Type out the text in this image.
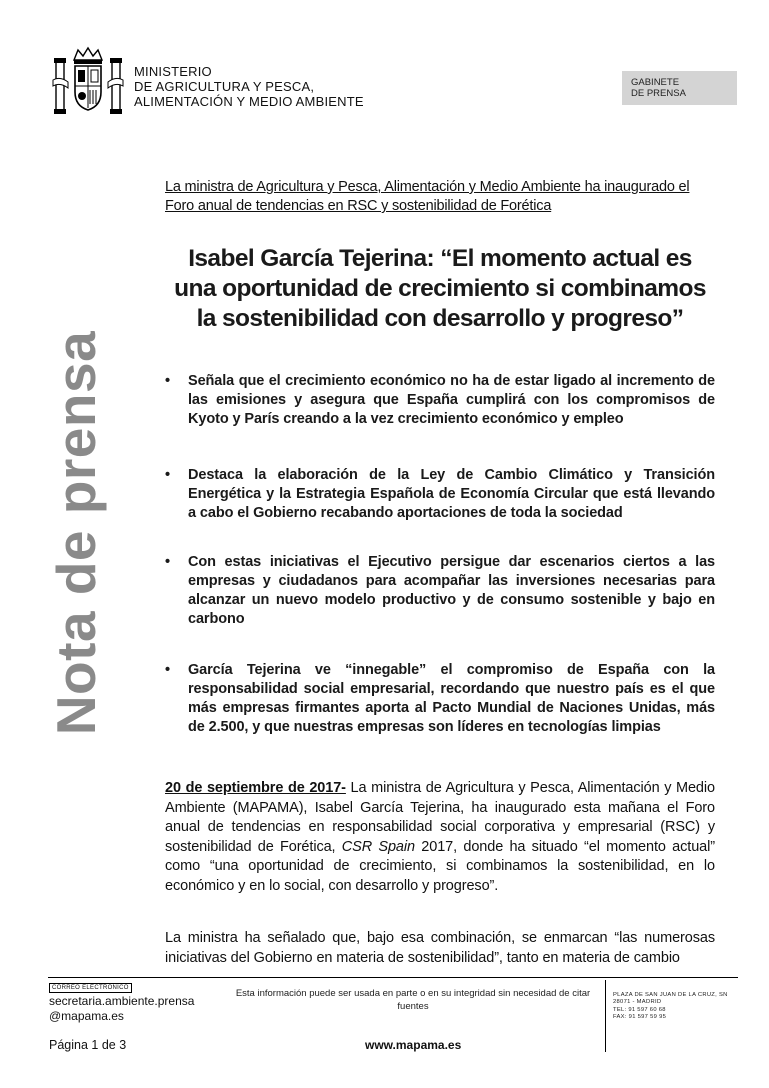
MINISTERIO
DE AGRICULTURA Y PESCA,
ALIMENTACIÓN Y MEDIO AMBIENTE
GABINETE
DE PRENSA
Nota de prensa
La ministra de Agricultura y Pesca, Alimentación y Medio Ambiente ha inaugurado el Foro anual de tendencias en RSC y sostenibilidad de Forética
Isabel García Tejerina: “El momento actual es una oportunidad de crecimiento si combinamos la sostenibilidad con desarrollo y progreso”
• Señala que el crecimiento económico no ha de estar ligado al incremento de las emisiones y asegura que España cumplirá con los compromisos de Kyoto y París creando a la vez crecimiento económico y empleo
• Destaca la elaboración de la Ley de Cambio Climático y Transición Energética y la Estrategia Española de Economía Circular que está llevando a cabo el Gobierno recabando aportaciones de toda la sociedad
• Con estas iniciativas el Ejecutivo persigue dar escenarios ciertos a las empresas y ciudadanos para acompañar las inversiones necesarias para alcanzar un nuevo modelo productivo y de consumo sostenible y bajo en carbono
• García Tejerina ve “innegable” el compromiso de España con la responsabilidad social empresarial, recordando que nuestro país es el que más empresas firmantes aporta al Pacto Mundial de Naciones Unidas, más de 2.500, y que nuestras empresas son líderes en tecnologías limpias
20 de septiembre de 2017- La ministra de Agricultura y Pesca, Alimentación y Medio Ambiente (MAPAMA), Isabel García Tejerina, ha inaugurado esta mañana el Foro anual de tendencias en responsabilidad social corporativa y empresarial (RSC) y sostenibilidad de Forética, CSR Spain 2017, donde ha situado “el momento actual” como “una oportunidad de crecimiento, si combinamos la sostenibilidad, en lo económico y en lo social, con desarrollo y progreso”.
La ministra ha señalado que, bajo esa combinación, se enmarcan “las numerosas iniciativas del Gobierno en materia de sostenibilidad”, tanto en materia de cambio
CORREO ELECTRÓNICO
secretaria.ambiente.prensa
@mapama.es
Esta información puede ser usada en parte o en su integridad sin necesidad de citar fuentes
PLAZA DE SAN JUAN DE LA CRUZ, SN
28071 - MADRID
TEL: 91 597 60 68
FAX: 91 597 59 95
Página 1 de 3	www.mapama.es
